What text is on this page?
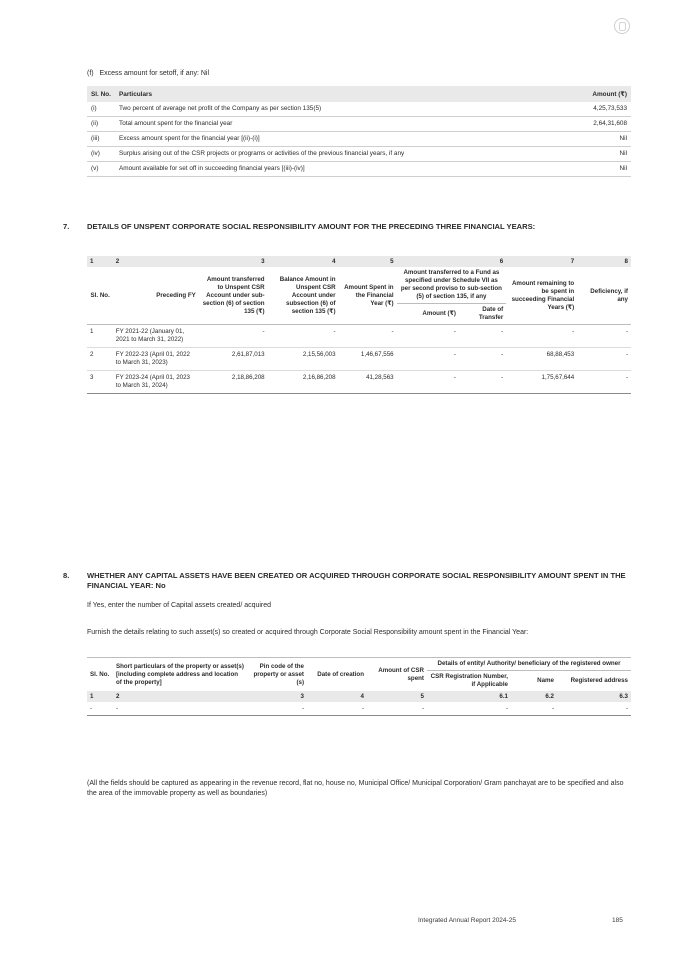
(f) Excess amount for setoff, if any: Nil
Sl. No.	Particulars	Amount (₹)
(i)	Two percent of average net profit of the Company as per section 135(5)	4,25,73,533
(ii)	Total amount spent for the financial year	2,64,31,608
(iii)	Excess amount spent for the financial year [(ii)-(i)]	Nil
(iv)	Surplus arising out of the CSR projects or programs or activities of the previous financial years, if any	Nil
(v)	Amount available for set off in succeeding financial years [(iii)-(iv)]	Nil
7. DETAILS OF UNSPENT CORPORATE SOCIAL RESPONSIBILITY AMOUNT FOR THE PRECEDING THREE FINANCIAL YEARS:
1	2	3	4	5	6		7	8
Sl. No.	Preceding FY	Amount transferred to Unspent CSR Account under sub-section (6) of section 135 (₹)	Balance Amount in Unspent CSR Account under subsection (6) of section 135 (₹)	Amount Spent in the Financial Year (₹)	Amount transferred to a Fund as specified under Schedule VII as per second proviso to sub-section (5) of section 135, if any		Amount remaining to be spent in succeeding Financial Years (₹)	Deficiency, if any
					Amount (₹)	Date of Transfer		
1	FY 2021-22 (January 01, 2021 to March 31, 2022)	-	-	-	-	-	-	-
2	FY 2022-23 (April 01, 2022 to March 31, 2023)	2,61,87,013	2,15,56,003	1,46,67,556	-	-	68,88,453	-
3	FY 2023-24 (April 01, 2023 to March 31, 2024)	2,18,86,208	2,16,86,208	41,28,563	-	-	1,75,67,644	-
8. WHETHER ANY CAPITAL ASSETS HAVE BEEN CREATED OR ACQUIRED THROUGH CORPORATE SOCIAL RESPONSIBILITY AMOUNT SPENT IN THE FINANCIAL YEAR: No
If Yes, enter the number of Capital assets created/ acquired
Furnish the details relating to such asset(s) so created or acquired through Corporate Social Responsibility amount spent in the Financial Year:
Sl. No.	Short particulars of the property or asset(s) [including complete address and location of the property]	Pin code of the property or asset (s)	Date of creation	Amount of CSR spent	Details of entity/ Authority/ beneficiary of the registered owner		
					CSR Registration Number, if Applicable	Name	Registered address
1	2	3	4	5	6.1	6.2	6.3
-	-	-	-	-	-	-	-
(All the fields should be captured as appearing in the revenue record, flat no, house no, Municipal Office/ Municipal Corporation/ Gram panchayat are to be specified and also the area of the immovable property as well as boundaries)
Integrated Annual Report 2024-25	185
